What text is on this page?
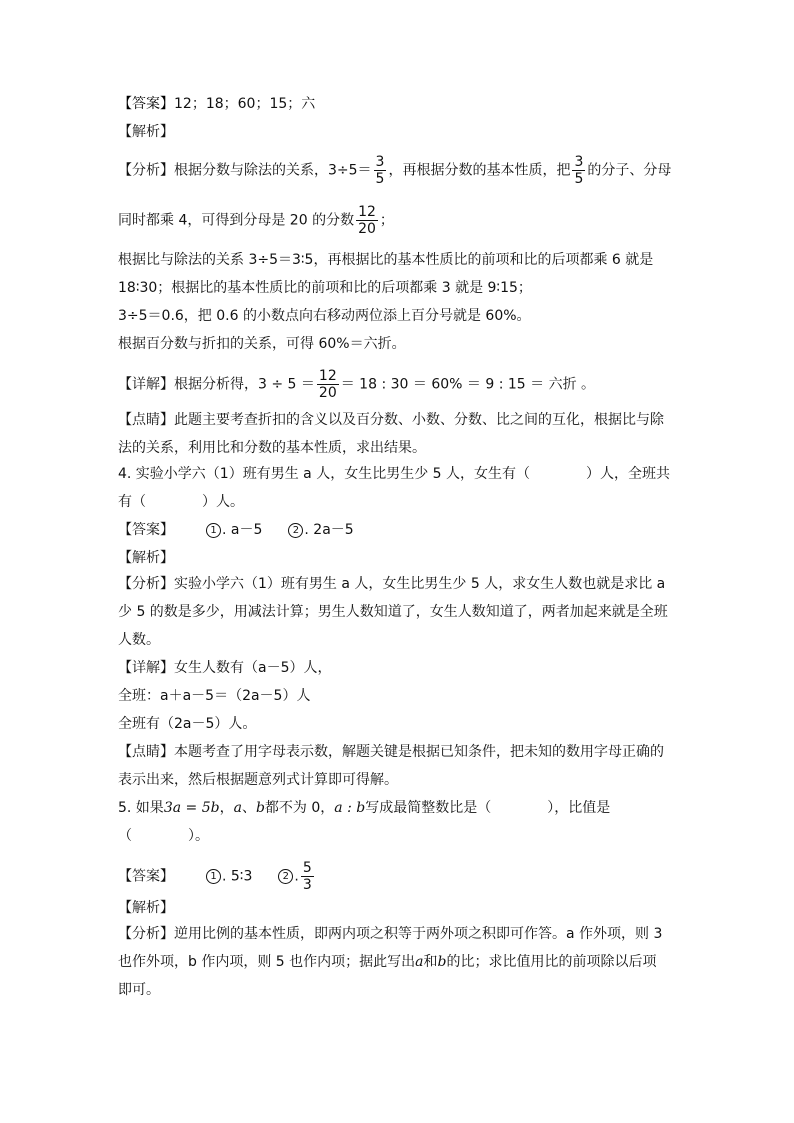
【答案】12；18；60；15；六
【解析】
【分析】根据分数与除法的关系，$3\div 5= \frac{3}{5}$ ，再根据分数的基本性质，把 $\frac{3}{5}$ 的分子、分母
同时都乘 4，可得到分母是 20 的分数 $\frac{12}{20}$ ；
根据比与除法的关系 3÷5＝3∶5，再根据比的基本性质比的前项和比的后项都乘 6 就是
18∶30；根据比的基本性质比的前项和比的后项都乘 3 就是 9∶15；
3÷5＝0.6，把 0.6 的小数点向右移动两位添上百分号就是 60%。
根据百分数与折扣的关系，可得 60%＝六折。
【详解】根据分析得，$3 \div 5 = \frac{12}{20} = 18$ : 30 ＝ 60% ＝ 9 : 15 ＝ 六折 。
【点睛】此题主要考查折扣的含义以及百分数、小数、分数、比之间的互化，根据比与除
法的关系，利用比和分数的基本性质，求出结果。
4. 实验小学六（1）班有男生 a 人，女生比男生少 5 人，女生有（　　　　）人，全班共
有（　　　　）人。
【答案】	1 . a－5	2 . 2a－5
【解析】
【分析】实验小学六（1）班有男生 a 人，女生比男生少 5 人，求女生人数也就是求比 a
少 5 的数是多少，用减法计算；男生人数知道了，女生人数知道了，两者加起来就是全班
人数。
【详解】女生人数有（a－5）人，
全班：a＋a－5＝（2a－5）人
全班有（2a－5）人。
【点睛】本题考查了用字母表示数，解题关键是根据已知条件，把未知的数用字母正确的
表示出来，然后根据题意列式计算即可得解。
5. 如果3a = 5b，a、b都不为 0，a : b写成最简整数比是（　　　　），比值是
（　　　　）。
【答案】	1 . 5∶3	2 . $\frac{5}{3}$
【解析】
【分析】逆用比例的基本性质，即两内项之积等于两外项之积即可作答。a 作外项，则 3
也作外项，b 作内项，则 5 也作内项；据此写出a和b的比；求比值用比的前项除以后项
即可。
